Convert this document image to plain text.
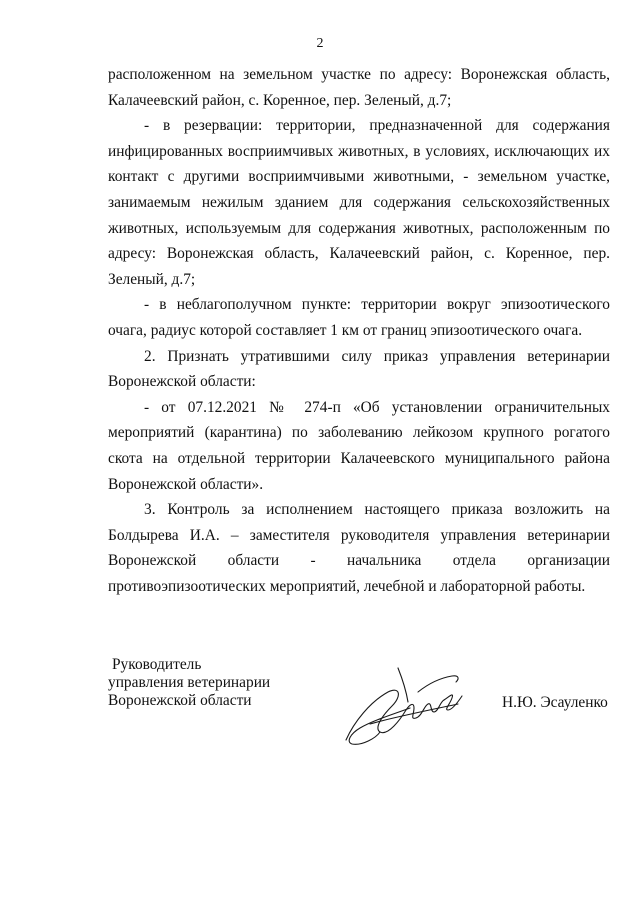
2

расположенном на земельном участке по адресу: Воронежская область, Калачеевский район, с. Коренное, пер. Зеленый, д.7;

- в резервации: территории, предназначенной для содержания инфицированных восприимчивых животных, в условиях, исключающих их контакт с другими восприимчивыми животными, - земельном участке, занимаемым нежилым зданием для содержания сельскохозяйственных животных, используемым для содержания животных, расположенным по адресу: Воронежская область, Калачеевский район, с. Коренное, пер. Зеленый, д.7;

- в неблагополучном пункте: территории вокруг эпизоотического очага, радиус которой составляет 1 км от границ эпизоотического очага.

2. Признать утратившими силу приказ управления ветеринарии Воронежской области:

- от 07.12.2021 № 274-п «Об установлении ограничительных мероприятий (карантина) по заболеванию лейкозом крупного рогатого скота на отдельной территории Калачеевского муниципального района Воронежской области».

3. Контроль за исполнением настоящего приказа возложить на Болдырева И.А. – заместителя руководителя управления ветеринарии Воронежской области - начальника отдела организации противоэпизоотических мероприятий, лечебной и лабораторной работы.

Руководитель
управления ветеринарии
Воронежской области	Н.Ю. Эсауленко
